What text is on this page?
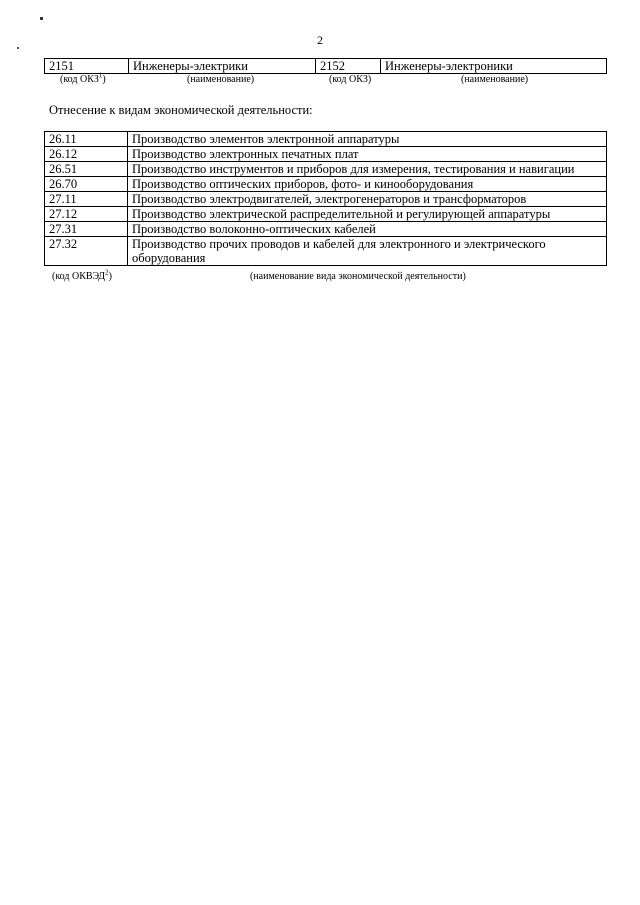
2
2151	Инженеры-электрики	2152	Инженеры-электроники
(код ОКЗ$^1$)	(наименование)	(код ОКЗ)	(наименование)
Отнесение к видам экономической деятельности:
26.11	Производство элементов электронной аппаратуры
26.12	Производство электронных печатных плат
26.51	Производство инструментов и приборов для измерения, тестирования и навигации
26.70	Производство оптических приборов, фото- и кинооборудования
27.11	Производство электродвигателей, электрогенераторов и трансформаторов
27.12	Производство электрической распределительной и регулирующей аппаратуры
27.31	Производство волоконно-оптических кабелей
27.32	Производство прочих проводов и кабелей для электронного и электрического оборудования
(код ОКВЭД$^2$)	(наименование вида экономической деятельности)
